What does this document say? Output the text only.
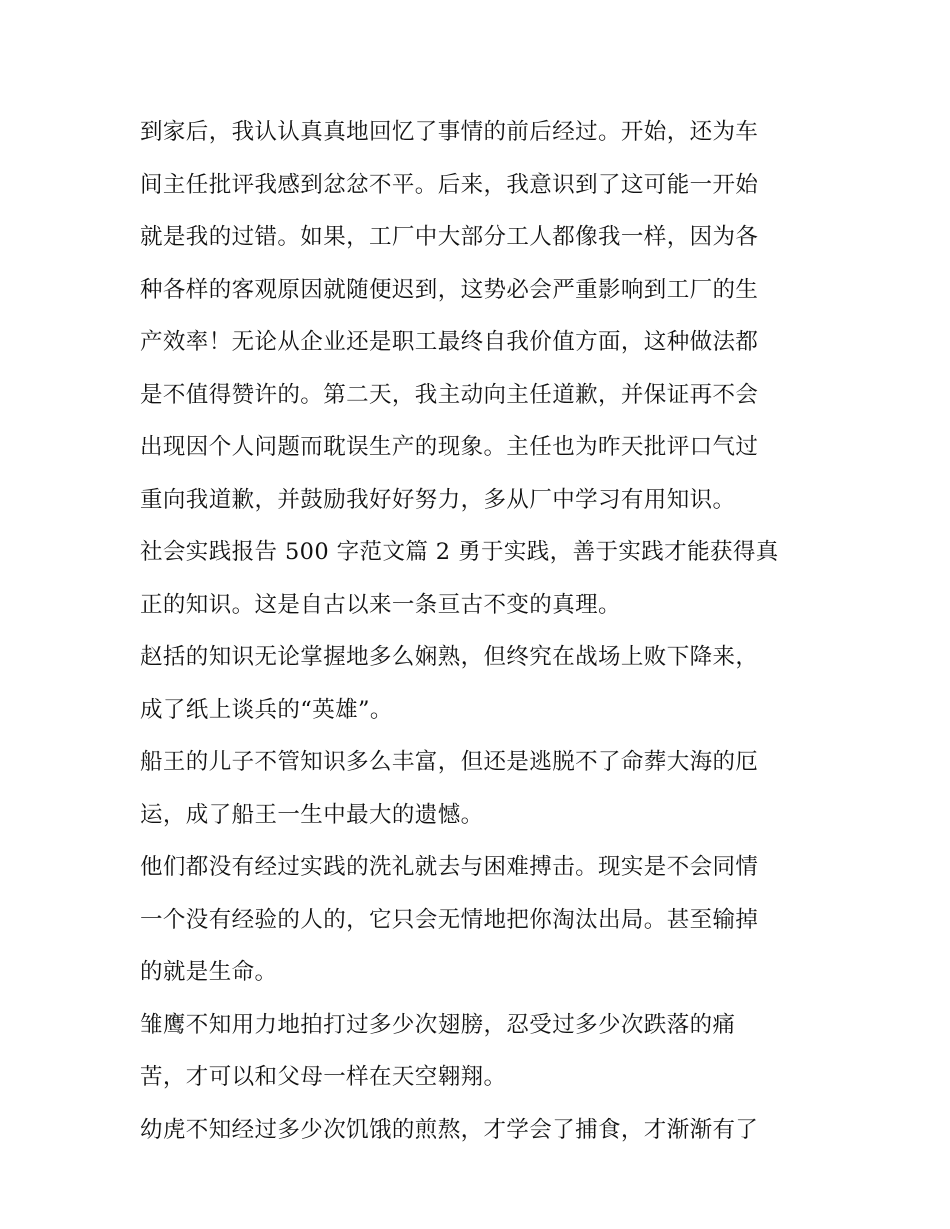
到家后，我认认真真地回忆了事情的前后经过。开始，还为车
间主任批评我感到忿忿不平。后来，我意识到了这可能一开始
就是我的过错。如果，工厂中大部分工人都像我一样，因为各
种各样的客观原因就随便迟到，这势必会严重影响到工厂的生
产效率！无论从企业还是职工最终自我价值方面，这种做法都
是不值得赞许的。第二天，我主动向主任道歉，并保证再不会
出现因个人问题而耽误生产的现象。主任也为昨天批评口气过
重向我道歉，并鼓励我好好努力，多从厂中学习有用知识。

社会实践报告 500 字范文篇 2 勇于实践，善于实践才能获得真
正的知识。这是自古以来一条亘古不变的真理。

赵括的知识无论掌握地多么娴熟，但终究在战场上败下降来，
成了纸上谈兵的“英雄”。

船王的儿子不管知识多么丰富，但还是逃脱不了命葬大海的厄
运，成了船王一生中最大的遗憾。

他们都没有经过实践的洗礼就去与困难搏击。现实是不会同情
一个没有经验的人的，它只会无情地把你淘汰出局。甚至输掉
的就是生命。

雏鹰不知用力地拍打过多少次翅膀，忍受过多少次跌落的痛
苦，才可以和父母一样在天空翱翔。

幼虎不知经过多少次饥饿的煎熬，才学会了捕食，才渐渐有了
